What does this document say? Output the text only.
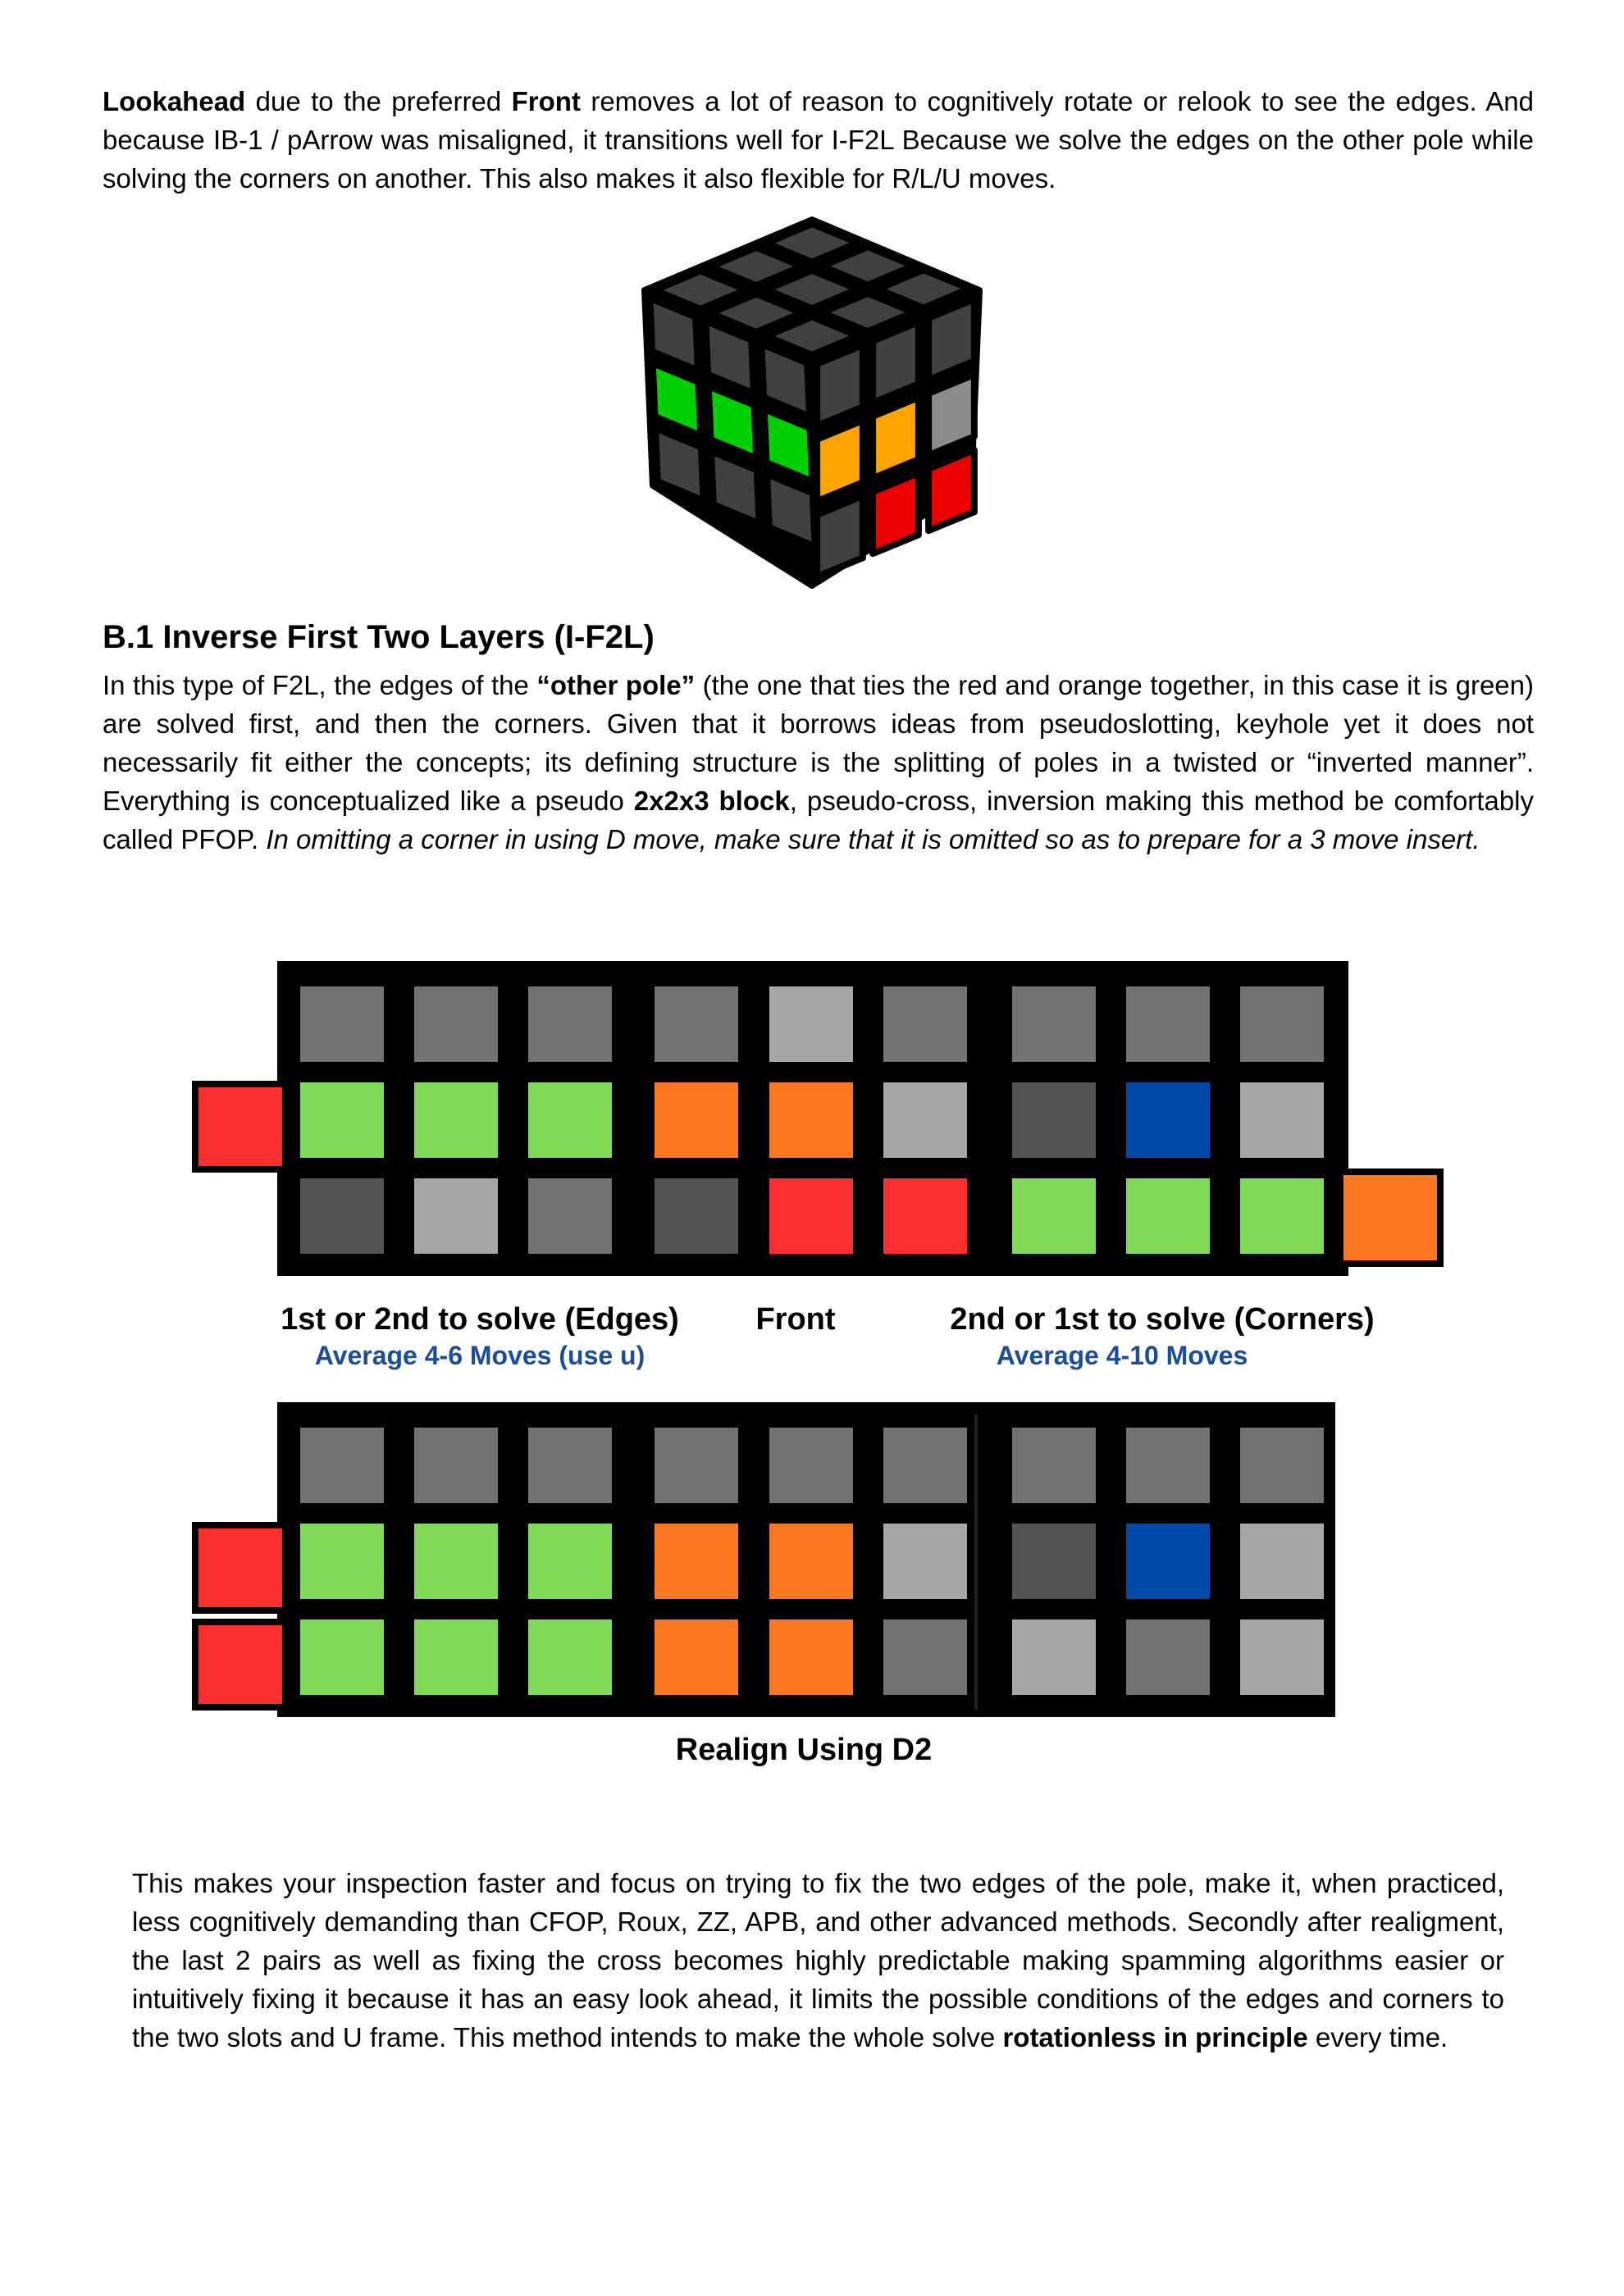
Lookahead due to the preferred Front removes a lot of reason to cognitively rotate or relook to see the edges. And because IB-1 / pArrow was misaligned, it transitions well for I-F2L Because we solve the edges on the other pole while solving the corners on another. This also makes it also flexible for R/L/U moves.
B.1 Inverse First Two Layers (I-F2L)
In this type of F2L, the edges of the “other pole” (the one that ties the red and orange together, in this case it is green) are solved first, and then the corners. Given that it borrows ideas from pseudoslotting, keyhole yet it does not necessarily fit either the concepts; its defining structure is the splitting of poles in a twisted or “inverted manner”. Everything is conceptualized like a pseudo 2x2x3 block, pseudo-cross, inversion making this method be comfortably called PFOP. In omitting a corner in using D move, make sure that it is omitted so as to prepare for a 3 move insert.
1st or 2nd to solve (Edges) Front	2nd or 1st to solve (Corners)
Average 4-6 Moves (use u)	Average 4-10 Moves
Realign Using D2
This makes your inspection faster and focus on trying to fix the two edges of the pole, make it, when practiced, less cognitively demanding than CFOP, Roux, ZZ, APB, and other advanced methods. Secondly after realigment, the last 2 pairs as well as fixing the cross becomes highly predictable making spamming algorithms easier or intuitively fixing it because it has an easy look ahead, it limits the possible conditions of the edges and corners to the two slots and U frame. This method intends to make the whole solve rotationless in principle every time.
